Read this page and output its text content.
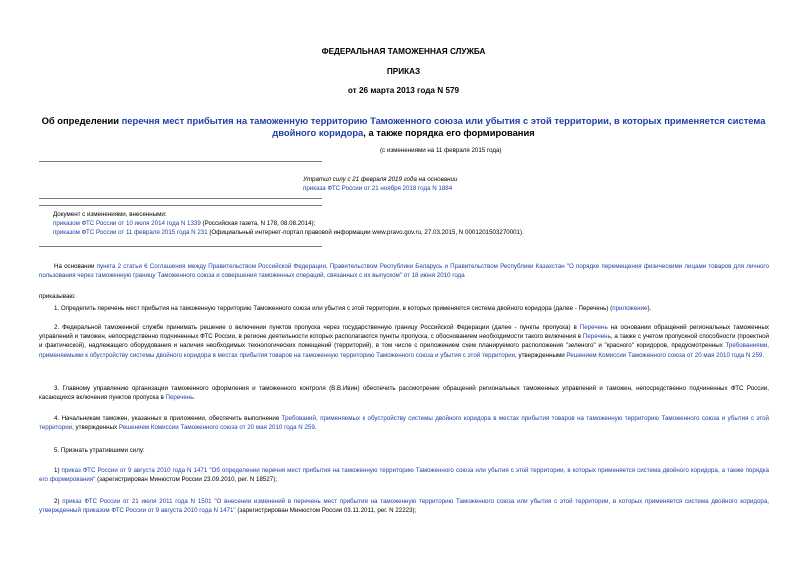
ФЕДЕРАЛЬНАЯ ТАМОЖЕННАЯ СЛУЖБА
ПРИКАЗ
от 26 марта 2013 года N 579
Об определении перечня мест прибытия на таможенную территорию Таможенного союза или убытия с этой территории, в которых применяется система двойного коридора, а также порядка его формирования
(с изменениями на 11 февраля 2015 года)
Утратил силу с 21 февраля 2019 года на основании
приказа ФТС России от 21 ноября 2018 года N 1884
Документ с изменениями, внесенными:
приказом ФТС России от 10 июля 2014 года N 1339 (Российская газета, N 178, 08.08.2014);
приказом ФТС России от 11 февраля 2015 года N 231 (Официальный интернет-портал правовой информации www.pravo.gov.ru, 27.03.2015, N 0001201503270001).
На основании пункта 2 статьи 6 Соглашения между Правительством Российской Федерации, Правительством Республики Беларусь и Правительством Республики Казахстан "О порядке перемещения физическими лицами товаров для личного пользования через таможенную границу Таможенного союза и совершения таможенных операций, связанных с их выпуском" от 18 июня 2010 года
приказываю:
1. Определить перечень мест прибытия на таможенную территорию Таможенного союза или убытия с этой территории, в которых применяется система двойного коридора (далее - Перечень) (приложение).
2. Федеральной таможенной службе принимать решение о включении пунктов пропуска через государственную границу Российской Федерации (далее - пункты пропуска) в Перечень на основании обращений региональных таможенных управлений и таможен, непосредственно подчиненных ФТС России, в регионе деятельности которых располагаются пункты пропуска, с обоснованием необходимости такого включения в Перечень, а также с учетом пропускной способности (проектной и фактической), надлежащего оборудования и наличия необходимых технологических помещений (территорий), в том числе с приложением схем планируемого расположения "зеленого" и "красного" коридоров, предусмотренных Требованиями, применяемыми к обустройству системы двойного коридора в местах прибытия товаров на таможенную территорию Таможенного союза и убытия с этой территории, утвержденными Решением Комиссии Таможенного союза от 20 мая 2010 года N 259.
3. Главному управлению организации таможенного оформления и таможенного контроля (В.В.Ивин) обеспечить рассмотрение обращений региональных таможенных управлений и таможен, непосредственно подчиненных ФТС России, касающихся включения пунктов пропуска в Перечень.
4. Начальникам таможен, указанных в приложении, обеспечить выполнение Требований, применяемых к обустройству системы двойного коридора в местах прибытия товаров на таможенную территорию Таможенного союза и убытия с этой территории, утвержденных Решением Комиссии Таможенного союза от 20 мая 2010 года N 259.
5. Признать утратившими силу:
1) приказ ФТС России от 9 августа 2010 года N 1471 "Об определении перечня мест прибытия на таможенную территорию Таможенного союза или убытия с этой территории, в которых применяется система двойного коридора, а также порядка его формирования" (зарегистрирован Минюстом России 23.09.2010, рег. N 18527);
2) приказ ФТС России от 21 июля 2011 года N 1501 "О внесении изменений в перечень мест прибытия на таможенную территорию Таможенного союза или убытия с этой территории, в которых применяется система двойного коридора, утвержденный приказом ФТС России от 9 августа 2010 года N 1471" (зарегистрирован Минюстом России 03.11.2011, рег. N 22223);
